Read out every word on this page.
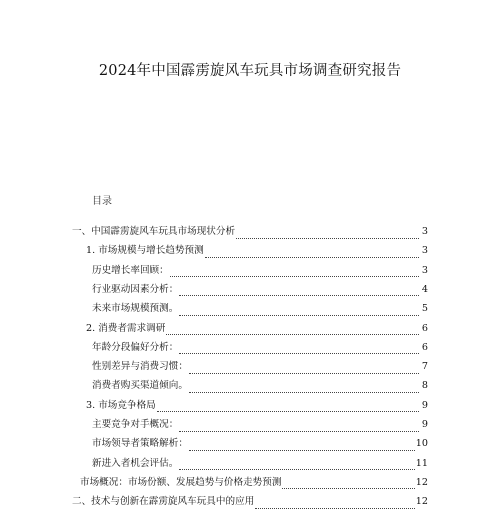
2024年中国霹雳旋风车玩具市场调查研究报告
目录
一、中国霹雳旋风车玩具市场现状分析	3
1. 市场规模与增长趋势预测	3
历史增长率回顾：	3
行业驱动因素分析：	4
未来市场规模预测。	5
2. 消费者需求调研	6
年龄分段偏好分析：	6
性别差异与消费习惯：	7
消费者购买渠道倾向。	8
3. 市场竞争格局	9
主要竞争对手概况：	9
市场领导者策略解析：	10
新进入者机会评估。	11
市场概况：市场份额、发展趋势与价格走势预测	12
二、技术与创新在霹雳旋风车玩具中的应用	12
